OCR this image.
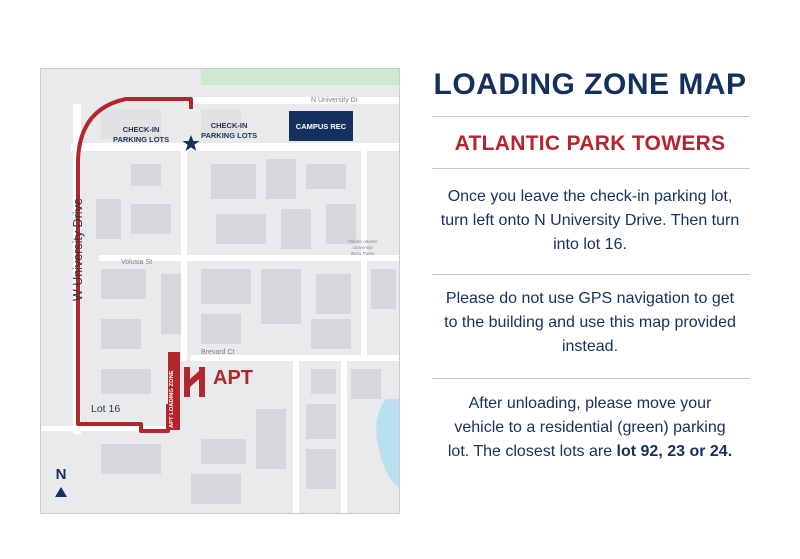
N University Dr
Volusia St
Brevard Ct
CHECK-IN
PARKING LOTS
CHECK-IN
PARKING LOTS
CAMPUS REC
W University Drive
APT LOADING ZONE APT
Lot 16
Florida Atlantic
University
Boca Raton
N
LOADING ZONE MAP
ATLANTIC PARK TOWERS
Once you leave the check-in parking lot, turn left onto N University Drive. Then turn into lot 16.
Please do not use GPS navigation to get to the building and use this map provided instead.
After unloading, please move your vehicle to a residential (green) parking lot. The closest lots are lot 92, 23 or 24.
